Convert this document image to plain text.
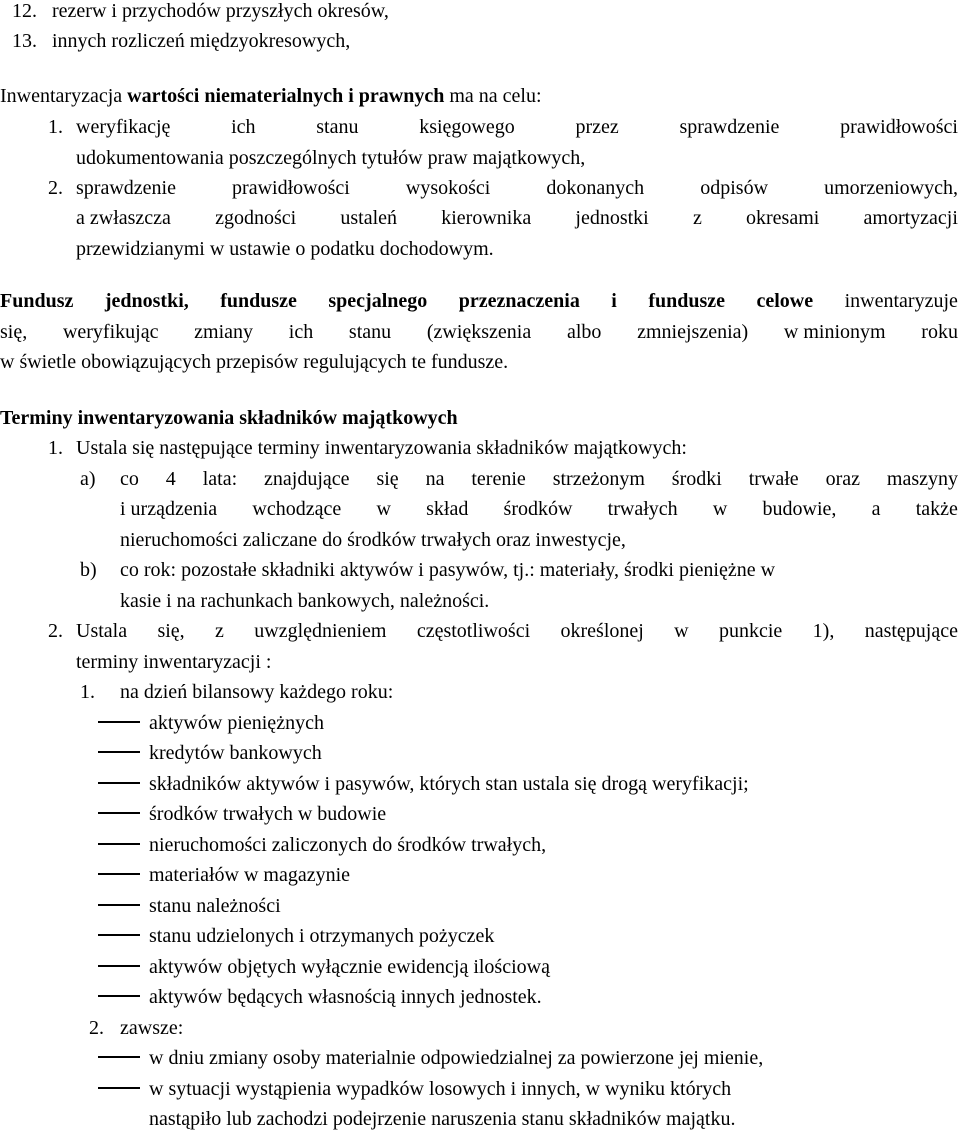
12. rezerw i przychodów przyszłych okresów,
13. innych rozliczeń międzyokresowych,
Inwentaryzacja wartości niematerialnych i prawnych ma na celu:
1. weryfikację	ich	stanu	księgowego	przez	sprawdzenie	prawidłowości
udokumentowania poszczególnych tytułów praw majątkowych,
2. sprawdzenie	prawidłowości	wysokości	dokonanych	odpisów	umorzeniowych,
a zwłaszcza zgodności ustaleń kierownika jednostki z okresami amortyzacji
przewidzianymi w ustawie o podatku dochodowym.
Fundusz jednostki, fundusze specjalnego przeznaczenia i fundusze celowe inwentaryzuje
się, weryfikując zmiany ich stanu (zwiększenia albo zmniejszenia) w minionym roku
w świetle obowiązujących przepisów regulujących te fundusze.
Terminy inwentaryzowania składników majątkowych
1. Ustala się następujące terminy inwentaryzowania składników majątkowych:
a) co 4 lata: znajdujące się na terenie strzeżonym środki trwałe oraz maszyny
i urządzenia wchodzące w skład środków trwałych w budowie, a także
nieruchomości zaliczane do środków trwałych oraz inwestycje,
b) co rok: pozostałe składniki aktywów i pasywów, tj.: materiały, środki pieniężne w
kasie i na rachunkach bankowych, należności.
2. Ustala się, z uwzględnieniem częstotliwości określonej w punkcie 1), następujące
terminy inwentaryzacji :
1. na dzień bilansowy każdego roku:
aktywów pieniężnych
kredytów bankowych
składników aktywów i pasywów, których stan ustala się drogą weryfikacji;
środków trwałych w budowie
nieruchomości zaliczonych do środków trwałych,
materiałów w magazynie
stanu należności
stanu udzielonych i otrzymanych pożyczek
aktywów objętych wyłącznie ewidencją ilościową
aktywów będących własnością innych jednostek.
2. zawsze:
w dniu zmiany osoby materialnie odpowiedzialnej za powierzone jej mienie,
w sytuacji wystąpienia wypadków losowych i innych, w wyniku których
nastąpiło lub zachodzi podejrzenie naruszenia stanu składników majątku.
